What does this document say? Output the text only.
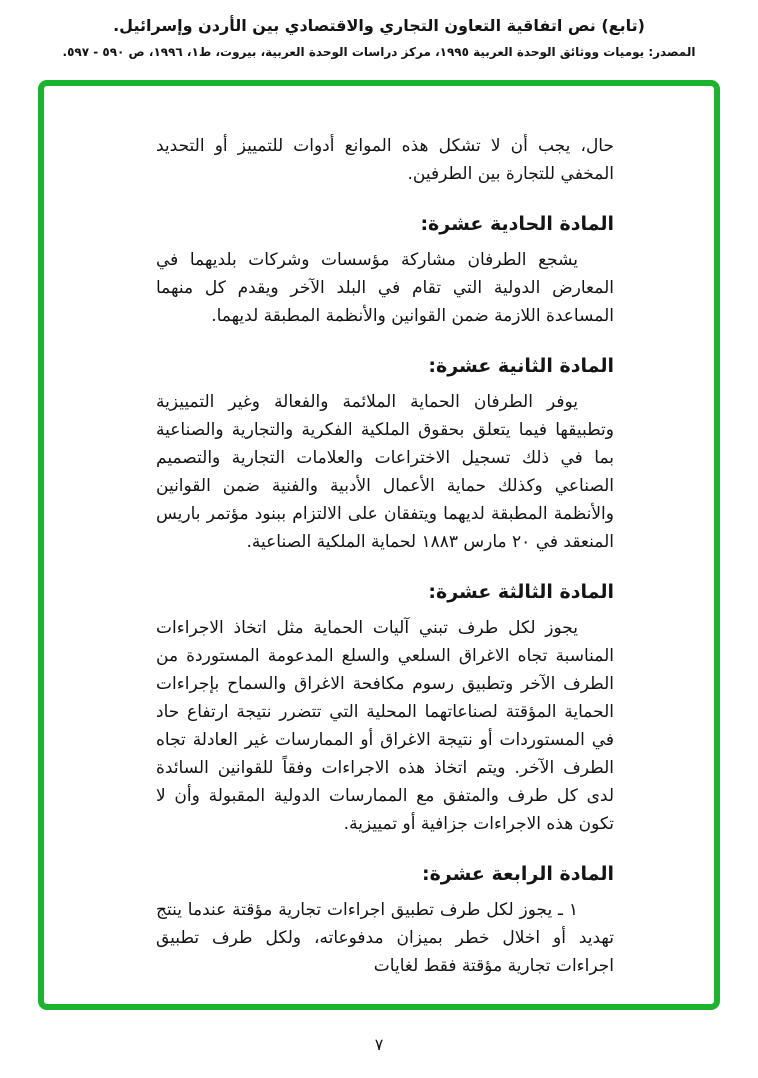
(تابع) نص اتفاقية التعاون التجاري والاقتصادي بين الأردن وإسرائيل.
المصدر: يوميات ووثائق الوحدة العربية ١٩٩٥، مركز دراسات الوحدة العربية، بيروت، ط١، ١٩٩٦، ص ٥٩٠ - ٥٩٧.

حال، يجب أن لا تشكل هذه الموانع أدوات للتمييز أو التحديد المخفي للتجارة بين الطرفين.

المادة الحادية عشرة:

يشجع الطرفان مشاركة مؤسسات وشركات بلديهما في المعارض الدولية التي تقام في البلد الآخر ويقدم كل منهما المساعدة اللازمة ضمن القوانين والأنظمة المطبقة لديهما.

المادة الثانية عشرة:

يوفر الطرفان الحماية الملائمة والفعالة وغير التمييزية وتطبيقها فيما يتعلق بحقوق الملكية الفكرية والتجارية والصناعية بما في ذلك تسجيل الاختراعات والعلامات التجارية والتصميم الصناعي وكذلك حماية الأعمال الأدبية والفنية ضمن القوانين والأنظمة المطبقة لديهما ويتفقان على الالتزام ببنود مؤتمر باريس المنعقد في ٢٠ مارس ١٨٨٣ لحماية الملكية الصناعية.

المادة الثالثة عشرة:

يجوز لكل طرف تبني آليات الحماية مثل اتخاذ الاجراءات المناسبة تجاه الاغراق السلعي والسلع المدعومة المستوردة من الطرف الآخر وتطبيق رسوم مكافحة الاغراق والسماح بإجراءات الحماية المؤقتة لصناعاتهما المحلية التي تتضرر نتيجة ارتفاع حاد في المستوردات أو نتيجة الاغراق أو الممارسات غير العادلة تجاه الطرف الآخر. ويتم اتخاذ هذه الاجراءات وفقاً للقوانين السائدة لدى كل طرف والمتفق مع الممارسات الدولية المقبولة وأن لا تكون هذه الاجراءات جزافية أو تمييزية.

المادة الرابعة عشرة:

١ ـ يجوز لكل طرف تطبيق اجراءات تجارية مؤقتة عندما ينتج تهديد أو اخلال خطر بميزان مدفوعاته، ولكل طرف تطبيق اجراءات تجارية مؤقتة فقط لغايات

٧
